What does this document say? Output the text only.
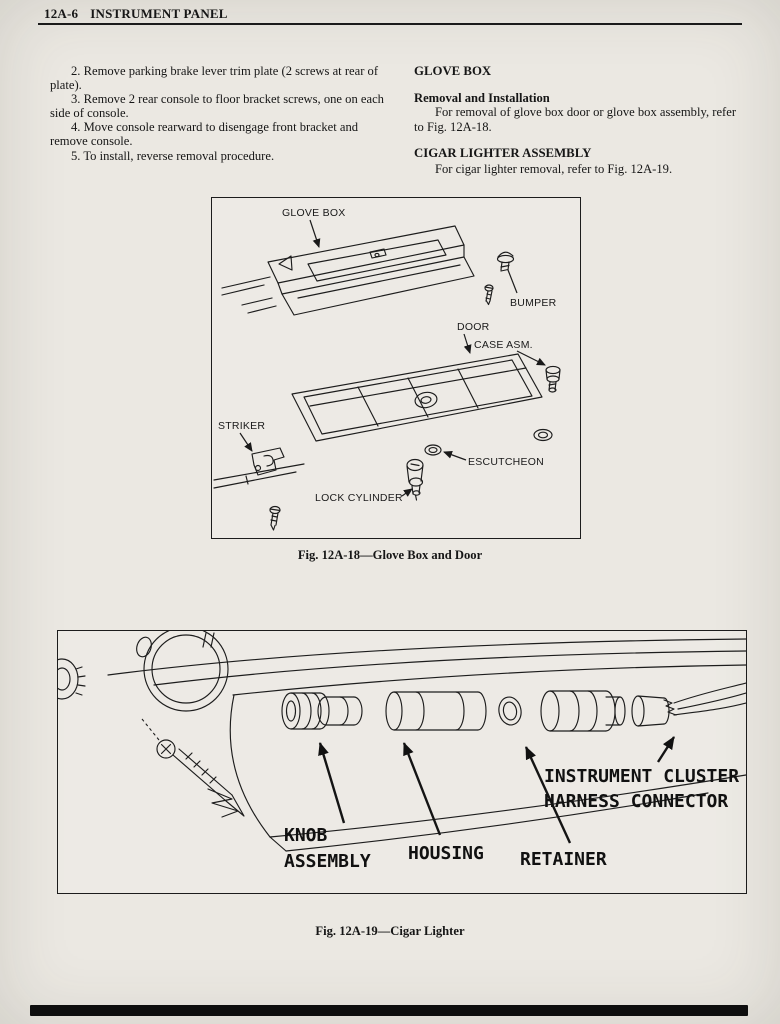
12A-6 INSTRUMENT PANEL

2. Remove parking brake lever trim plate (2 screws at rear of plate).

3. Remove 2 rear console to floor bracket screws, one on each side of console.

4. Move console rearward to disengage front bracket and remove console.

5. To install, reverse removal procedure.

GLOVE BOX
Removal and Installation

For removal of glove box door or glove box assembly, refer to Fig. 12A-18.

CIGAR LIGHTER ASSEMBLY

For cigar lighter removal, refer to Fig. 12A-19.

GLOVE BOX
BUMPER
DOOR
CASE ASM.
STRIKER
ESCUTCHEON
LOCK CYLINDER
Fig. 12A-18—Glove Box and Door
KNOB
ASSEMBLY HOUSING RETAINER
INSTRUMENT CLUSTER
HARNESS CONNECTOR
Fig. 12A-19—Cigar Lighter
